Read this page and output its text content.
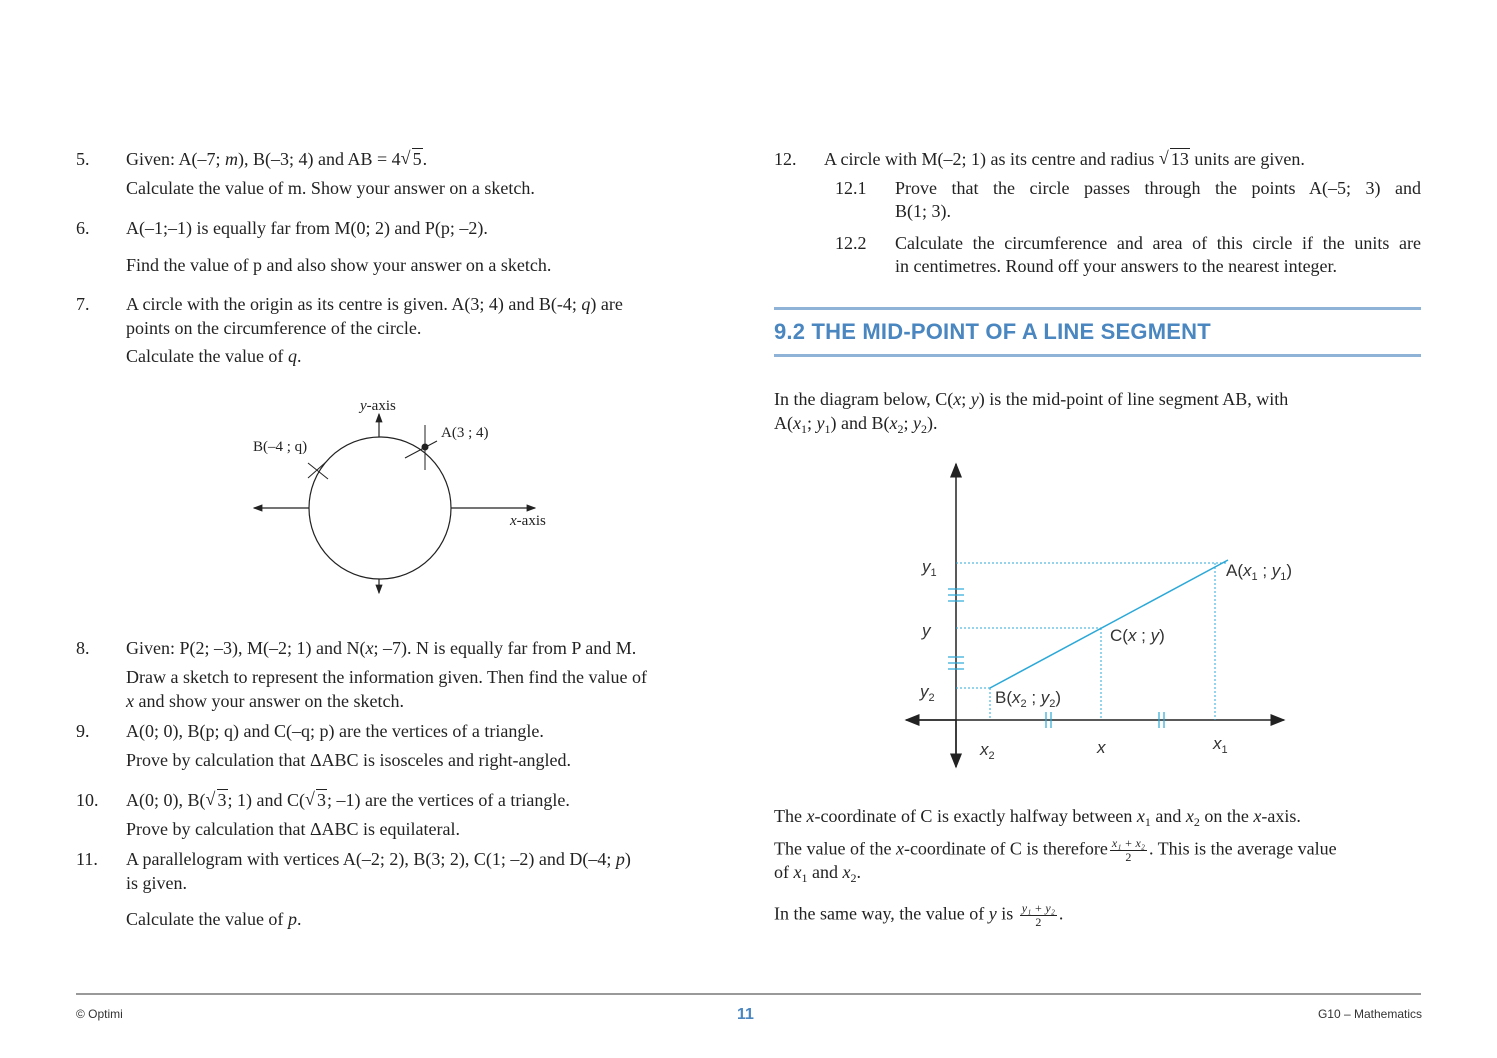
5. Given: A(–7; m), B(–3; 4) and AB = 4 √ 5.
Calculate the value of m. Show your answer on a sketch.
6. A(–1;–1) is equally far from M(0; 2) and P(p; –2).
Find the value of p and also show your answer on a sketch.
7. A circle with the origin as its centre is given. A(3; 4) and B(-4; q) are
points on the circumference of the circle.
Calculate the value of q.
y-axis
x-axis
A(3 ; 4)
B(–4 ; q)
8. Given: P(2; –3), M(–2; 1) and N(x; –7). N is equally far from P and M.
Draw a sketch to represent the information given. Then find the value of
x and show your answer on the sketch.
9. A(0; 0), B(p; q) and C(–q; p) are the vertices of a triangle.
Prove by calculation that ΔABC is isosceles and right-angled.
10. A(0; 0), B( √ 3; 1) and C( √ 3; –1) are the vertices of a triangle.
Prove by calculation that ΔABC is equilateral.
11. A parallelogram with vertices A(–2; 2), B(3; 2), C(1; –2) and D(–4; p)
is given.
Calculate the value of p.
12. A circle with M(–2; 1) as its centre and radius √ 13 units are given.
12.1 Prove that the circle passes through the points A(–5; 3) and
B(1; 3).
12.2 Calculate the circumference and area of this circle if the units are
in centimetres. Round off your answers to the nearest integer.
9.2 THE MID-POINT OF A LINE SEGMENT
In the diagram below, C(x; y) is the mid-point of line segment AB, with
$A(x_1$; $y_1$) and $B(x_2$; $y_2$).
$y_1$
y
$y_2$
$x_2$	x	$x_1$
$A(x_1$ ; $y_1$)
C(x ; y)
$B(x_2$ ; $y_2$)
The x-coordinate of C is exactly halfway between $x_1$ and $x_2$ on the x-axis.
The value of the x-coordinate of C is therefore $\frac{\text{x₁ + x₂}}{2}$ . This is the average value
of $x_1$ and $x_2$.
In the same way, the value of y is $\frac{\text{y₁ + y₂}}{2}$ .
© Optimi	11	G10 – Mathematics
